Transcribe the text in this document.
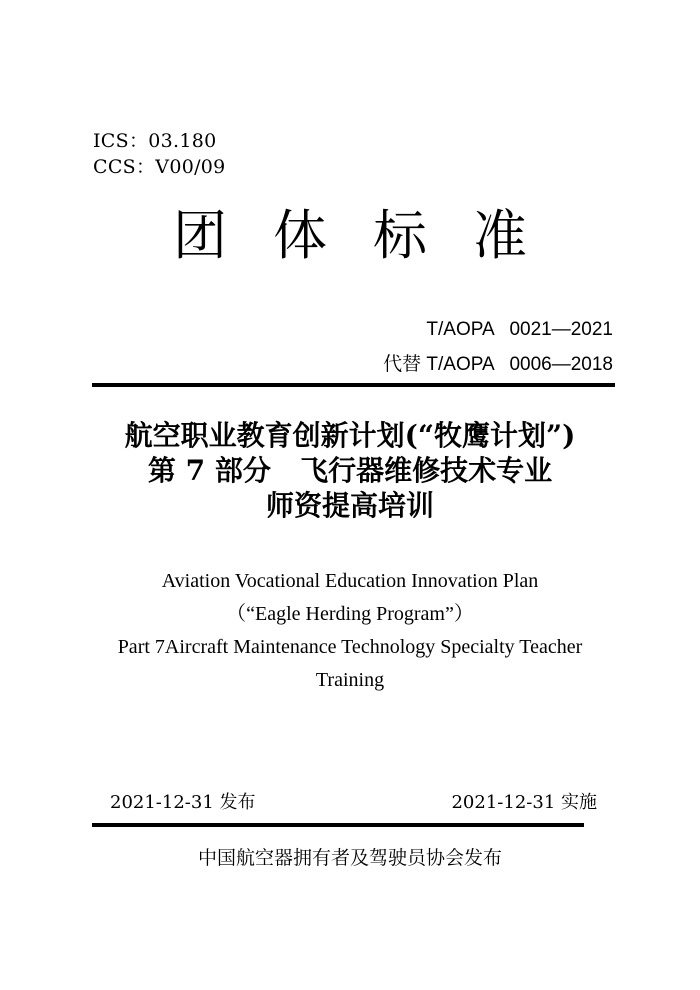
ICS：03.180
CCS：V00/09
团体标准
T/AOPA   0021—2021
代替 T/AOPA   0006—2018
航空职业教育创新计划(“牧鹰计划”)
第 7 部分   飞行器维修技术专业
师资提高培训
Aviation Vocational Education Innovation Plan
（“Eagle Herding Program”）
Part 7Aircraft Maintenance Technology Specialty Teacher
Training
2021-12-31 发布	2021-12-31 实施
中国航空器拥有者及驾驶员协会发布
